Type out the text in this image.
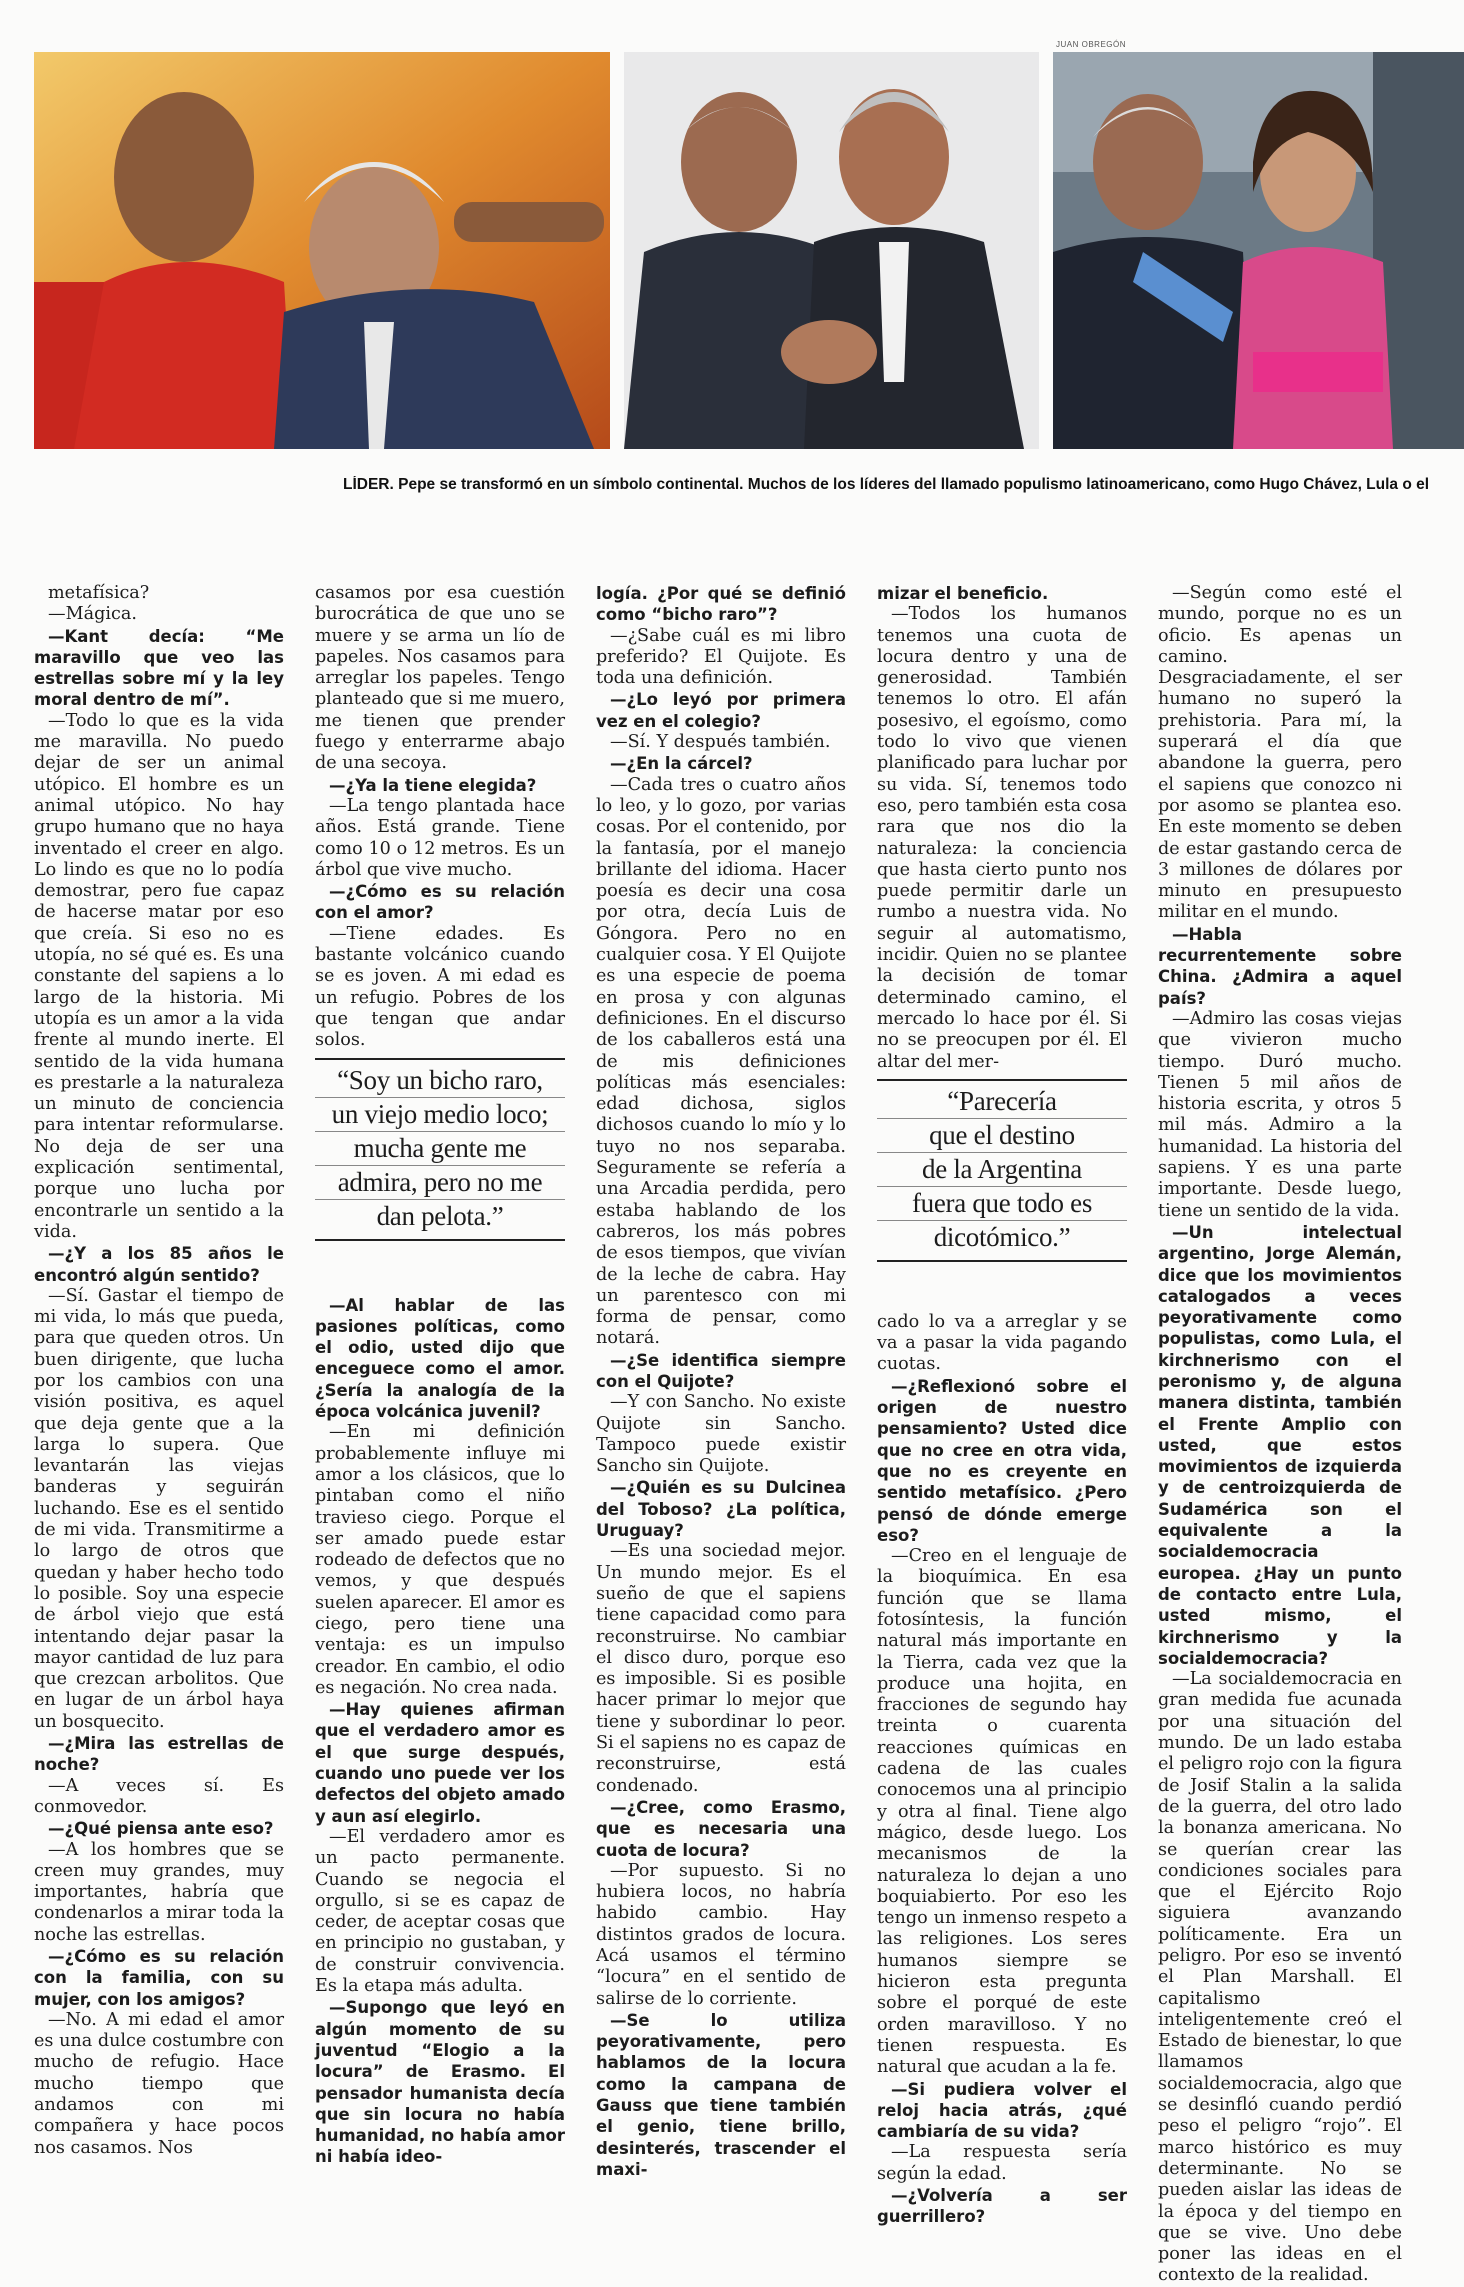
JUAN OBREGÓN
LÍDER. Pepe se transformó en un símbolo continental. Muchos de los líderes del llamado populismo latinoamericano, como Hugo Chávez, Lula o el

metafísica?

—Mágica.

—Kant decía: “Me maravillo que veo las estrellas sobre mí y la ley moral dentro de mí”.

—Todo lo que es la vida me maravilla. No puedo dejar de ser un animal utópico. El hombre es un animal utópico. No hay grupo humano que no haya inventado el creer en algo. Lo lindo es que no lo podía demostrar, pero fue capaz de hacerse matar por eso que creía. Si eso no es utopía, no sé qué es. Es una constante del sapiens a lo largo de la historia. Mi utopía es un amor a la vida frente al mundo inerte. El sentido de la vida humana es prestarle a la naturaleza un minuto de conciencia para intentar reformularse. No deja de ser una explicación sentimental, porque uno lucha por encontrarle un sentido a la vida.

—¿Y a los 85 años le encontró algún sentido?

—Sí. Gastar el tiempo de mi vida, lo más que pueda, para que queden otros. Un buen dirigente, que lucha por los cambios con una visión positiva, es aquel que deja gente que a la larga lo supera. Que levantarán las viejas banderas y seguirán luchando. Ese es el sentido de mi vida. Transmitirme a lo largo de otros que quedan y haber hecho todo lo posible. Soy una especie de árbol viejo que está intentando dejar pasar la mayor cantidad de luz para que crezcan arbolitos. Que en lugar de un árbol haya un bosquecito.

—¿Mira las estrellas de noche?

—A veces sí. Es conmovedor.

—¿Qué piensa ante eso?

—A los hombres que se creen muy grandes, muy importantes, habría que condenarlos a mirar toda la noche las estrellas.

—¿Cómo es su relación con la familia, con su mujer, con los amigos?

—No. A mi edad el amor es una dulce costumbre con mucho de refugio. Hace mucho tiempo que andamos con mi compañera y hace pocos nos casamos. Nos

casamos por esa cuestión burocrática de que uno se muere y se arma un lío de papeles. Nos casamos para arreglar los papeles. Tengo planteado que si me muero, me tienen que prender fuego y enterrarme abajo de una secoya.

—¿Ya la tiene elegida?

—La tengo plantada hace años. Está grande. Tiene como 10 o 12 metros. Es un árbol que vive mucho.

—¿Cómo es su relación con el amor?

—Tiene edades. Es bastante volcánico cuando se es joven. A mi edad es un refugio. Pobres de los que tengan que andar solos.

“Soy un bicho raro,
un viejo medio loco;
mucha gente me
admira, pero no me
dan pelota.”

—Al hablar de las pasiones políticas, como el odio, usted dijo que enceguece como el amor. ¿Sería la analogía de la época volcánica juvenil?

—En mi definición probablemente influye mi amor a los clásicos, que lo pintaban como el niño travieso ciego. Porque el ser amado puede estar rodeado de defectos que no vemos, y que después suelen aparecer. El amor es ciego, pero tiene una ventaja: es un impulso creador. En cambio, el odio es negación. No crea nada.

—Hay quienes afirman que el verdadero amor es el que surge después, cuando uno puede ver los defectos del objeto amado y aun así elegirlo.

—El verdadero amor es un pacto permanente. Cuando se negocia el orgullo, si se es capaz de ceder, de aceptar cosas que en principio no gustaban, y de construir convivencia. Es la etapa más adulta.

—Supongo que leyó en algún momento de su juventud “Elogio a la locura” de Erasmo. El pensador humanista decía que sin locura no había humanidad, no había amor ni había ideo-

logía. ¿Por qué se definió como “bicho raro”?

—¿Sabe cuál es mi libro preferido? El Quijote. Es toda una definición.

—¿Lo leyó por primera vez en el colegio?

—Sí. Y después también.

—¿En la cárcel?

—Cada tres o cuatro años lo leo, y lo gozo, por varias cosas. Por el contenido, por la fantasía, por el manejo brillante del idioma. Hacer poesía es decir una cosa por otra, decía Luis de Góngora. Pero no en cualquier cosa. Y El Quijote es una especie de poema en prosa y con algunas definiciones. En el discurso de los caballeros está una de mis definiciones políticas más esenciales: edad dichosa, siglos dichosos cuando lo mío y lo tuyo no nos separaba. Seguramente se refería a una Arcadia perdida, pero estaba hablando de los cabreros, los más pobres de esos tiempos, que vivían de la leche de cabra. Hay un parentesco con mi forma de pensar, como notará.

—¿Se identifica siempre con el Quijote?

—Y con Sancho. No existe Quijote sin Sancho. Tampoco puede existir Sancho sin Quijote.

—¿Quién es su Dulcinea del Toboso? ¿La política, Uruguay?

—Es una sociedad mejor. Un mundo mejor. Es el sueño de que el sapiens tiene capacidad como para reconstruirse. No cambiar el disco duro, porque eso es imposible. Si es posible hacer primar lo mejor que tiene y subordinar lo peor. Si el sapiens no es capaz de reconstruirse, está condenado.

—¿Cree, como Erasmo, que es necesaria una cuota de locura?

—Por supuesto. Si no hubiera locos, no habría habido cambio. Hay distintos grados de locura. Acá usamos el término “locura” en el sentido de salirse de lo corriente.

—Se lo utiliza peyorativamente, pero hablamos de la locura como la campana de Gauss que tiene también el genio, tiene brillo, desinterés, trascender el maxi-

mizar el beneficio.

—Todos los humanos tenemos una cuota de locura dentro y una de generosidad. También tenemos lo otro. El afán posesivo, el egoísmo, como todo lo vivo que vienen planificado para luchar por su vida. Sí, tenemos todo eso, pero también esta cosa rara que nos dio la naturaleza: la conciencia que hasta cierto punto nos puede permitir darle un rumbo a nuestra vida. No seguir al automatismo, incidir. Quien no se plantee la decisión de tomar determinado camino, el mercado lo hace por él. Si no se preocupen por él. El altar del mer-

“Parecería
que el destino
de la Argentina
fuera que todo es
dicotómico.”

cado lo va a arreglar y se va a pasar la vida pagando cuotas.

—¿Reflexionó sobre el origen de nuestro pensamiento? Usted dice que no cree en otra vida, que no es creyente en sentido metafísico. ¿Pero pensó de dónde emerge eso?

—Creo en el lenguaje de la bioquímica. En esa función que se llama fotosíntesis, la función natural más importante en la Tierra, cada vez que la produce una hojita, en fracciones de segundo hay treinta o cuarenta reacciones químicas en cadena de las cuales conocemos una al principio y otra al final. Tiene algo mágico, desde luego. Los mecanismos de la naturaleza lo dejan a uno boquiabierto. Por eso les tengo un inmenso respeto a las religiones. Los seres humanos siempre se hicieron esta pregunta sobre el porqué de este orden maravilloso. Y no tienen respuesta. Es natural que acudan a la fe.

—Si pudiera volver el reloj hacia atrás, ¿qué cambiaría de su vida?

—La respuesta sería según la edad.

—¿Volvería a ser guerrillero?

—Según como esté el mundo, porque no es un oficio. Es apenas un camino. Desgraciadamente, el ser humano no superó la prehistoria. Para mí, la superará el día que abandone la guerra, pero el sapiens que conozco ni por asomo se plantea eso. En este momento se deben de estar gastando cerca de 3 millones de dólares por minuto en presupuesto militar en el mundo.

—Habla recurrentemente sobre China. ¿Admira a aquel país?

—Admiro las cosas viejas que vivieron mucho tiempo. Duró mucho. Tienen 5 mil años de historia escrita, y otros 5 mil más. Admiro a la humanidad. La historia del sapiens. Y es una parte importante. Desde luego, tiene un sentido de la vida.

—Un intelectual argentino, Jorge Alemán, dice que los movimientos catalogados a veces peyorativamente como populistas, como Lula, el kirchnerismo con el peronismo y, de alguna manera distinta, también el Frente Amplio con usted, que estos movimientos de izquierda y de centroizquierda de Sudamérica son el equivalente a la socialdemocracia europea. ¿Hay un punto de contacto entre Lula, usted mismo, el kirchnerismo y la socialdemocracia?

—La socialdemocracia en gran medida fue acunada por una situación del mundo. De un lado estaba el peligro rojo con la figura de Josif Stalin a la salida de la guerra, del otro lado la bonanza americana. No se querían crear las condiciones sociales para que el Ejército Rojo siguiera avanzando políticamente. Era un peligro. Por eso se inventó el Plan Marshall. El capitalismo inteligentemente creó el Estado de bienestar, lo que llamamos socialdemocracia, algo que se desinfló cuando perdió peso el peligro “rojo”. El marco histórico es muy determinante. No se pueden aislar las ideas de la época y del tiempo en que se vive. Uno debe poner las ideas en el contexto de la realidad.
